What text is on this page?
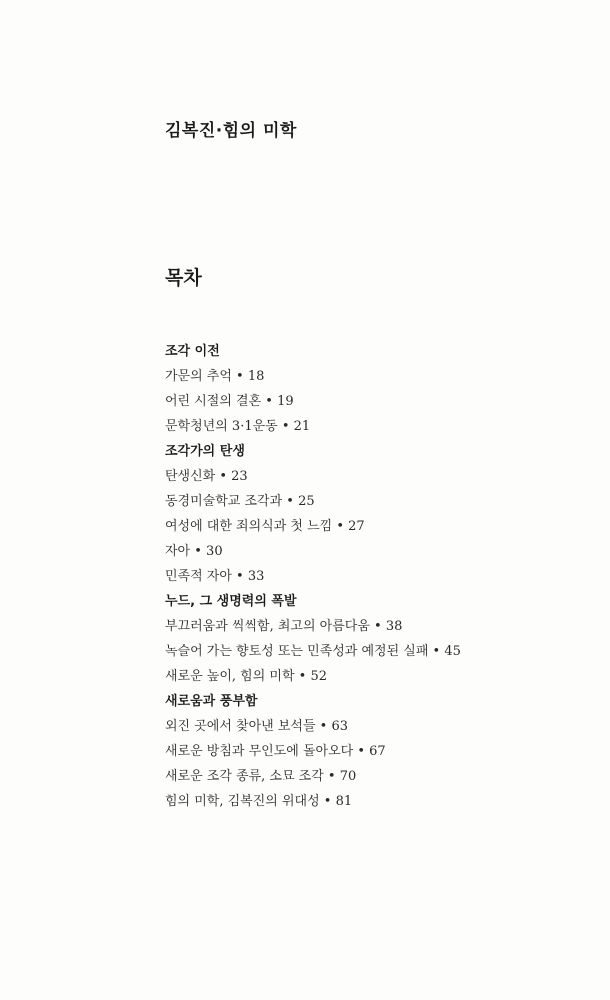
김복진·힘의 미학
목차
조각 이전
가문의 추억 • 18
어린 시절의 결혼 • 19
문학청년의 3·1운동 • 21
조각가의 탄생
탄생신화 • 23
동경미술학교 조각과 • 25
여성에 대한 죄의식과 첫 느낌 • 27
자아 • 30
민족적 자아 • 33
누드, 그 생명력의 폭발
부끄러움과 씩씩함, 최고의 아름다움 • 38
녹슬어 가는 향토성 또는 민족성과 예정된 실패 • 45
새로운 높이, 힘의 미학 • 52
새로움과 풍부함
외진 곳에서 찾아낸 보석들 • 63
새로운 방침과 무인도에 돌아오다 • 67
새로운 조각 종류, 소묘 조각 • 70
힘의 미학, 김복진의 위대성 • 81
